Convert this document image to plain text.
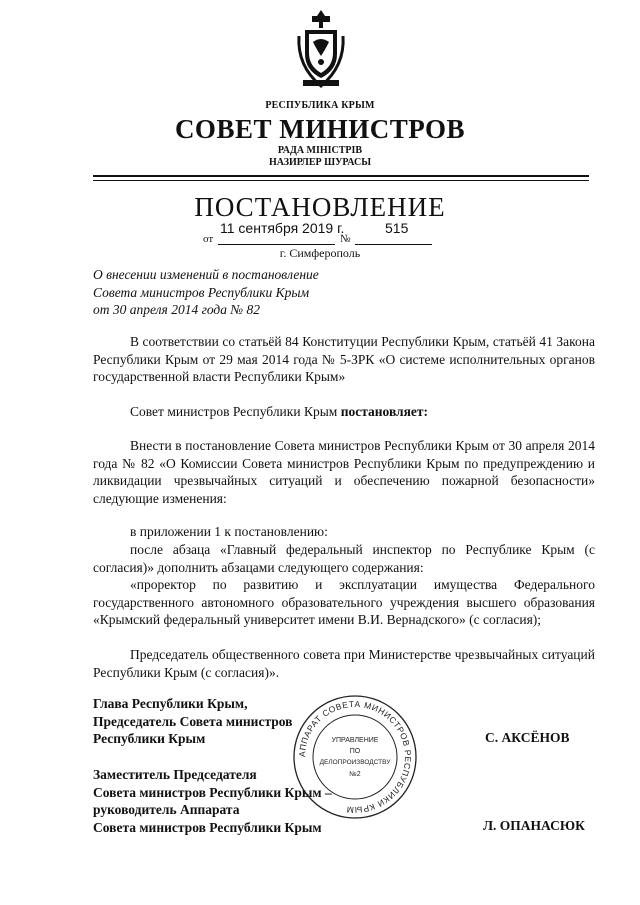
РЕСПУБЛИКА КРЫМ
СОВЕТ МИНИСТРОВ
РАДА МІНІСТРІВ
НАЗИРЛЕР ШУРАСЫ
ПОСТАНОВЛЕНИЕ
11 сентября 2019 г.	515
от	№
г. Симферополь
О внесении изменений в постановление
Совета министров Республики Крым
от 30 апреля 2014 года № 82
В соответствии со статьёй 84 Конституции Республики Крым, статьёй 41 Закона Республики Крым от 29 мая 2014 года № 5-ЗРК «О системе исполнительных органов государственной власти Республики Крым»
Совет министров Республики Крым постановляет:
Внести в постановление Совета министров Республики Крым от 30 апреля 2014 года № 82 «О Комиссии Совета министров Республики Крым по предупреждению и ликвидации чрезвычайных ситуаций и обеспечению пожарной безопасности» следующие изменения:
в приложении 1 к постановлению:
после абзаца «Главный федеральный инспектор по Республике Крым (с согласия)» дополнить абзацами следующего содержания:
«проректор по развитию и эксплуатации имущества Федерального государственного автономного образовательного учреждения высшего образования «Крымский федеральный университет имени В.И. Вернадского» (с согласия);
Председатель общественного совета при Министерстве чрезвычайных ситуаций Республики Крым (с согласия)».
АППАРАТ СОВЕТА МИНИСТРОВ РЕСПУБЛИКИ КРЫМ
УПРАВЛЕНИЕ
ПО
ДЕЛОПРОИЗВОДСТВУ
№2
Глава Республики Крым,
Председатель Совета министров
Республики Крым	С. АКСЁНОВ
Заместитель Председателя
Совета министров Республики Крым –
руководитель Аппарата
Совета министров Республики Крым	Л. ОПАНАСЮК
